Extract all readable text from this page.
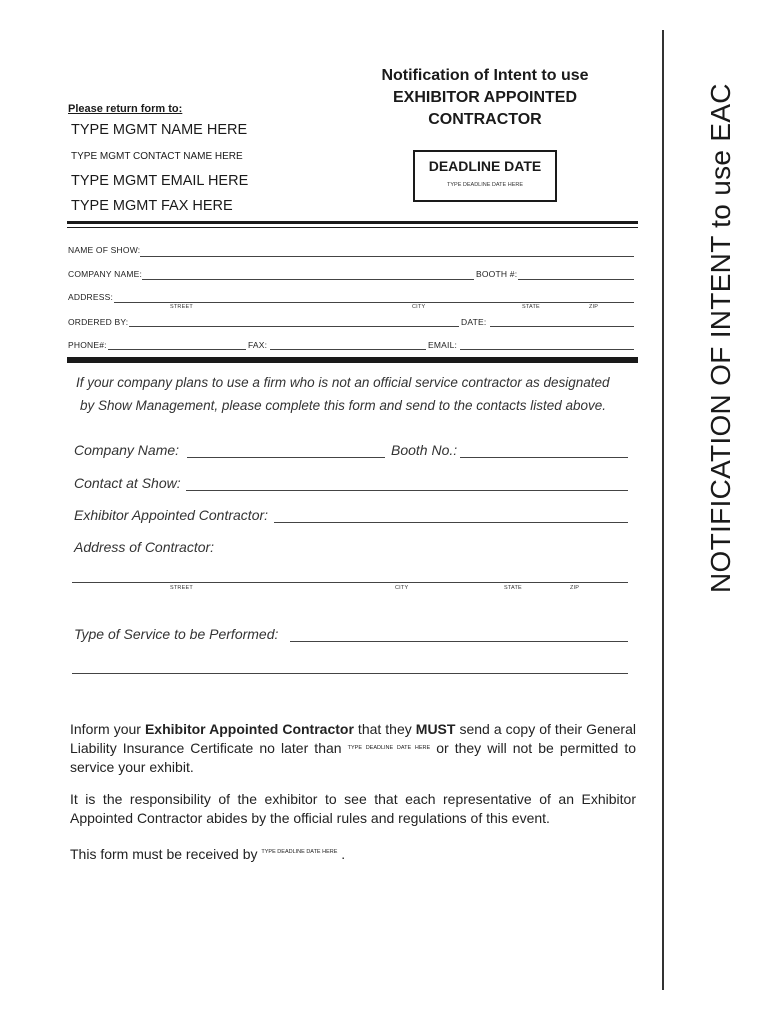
Notification of Intent to use
EXHIBITOR APPOINTED
CONTRACTOR
Please return form to:
TYPE MGMT NAME HERE
TYPE MGMT CONTACT NAME HERE
TYPE MGMT EMAIL HERE
TYPE MGMT FAX HERE
DEADLINE DATE
TYPE DEADLINE DATE HERE
NAME OF SHOW:
COMPANY NAME:	BOOTH #:
ADDRESS:
STREET	CITY	STATE	ZIP
ORDERED BY:	DATE:
PHONE#:	FAX:	EMAIL:
If your company plans to use a firm who is not an official service contractor as designated
by Show Management, please complete this form and send to the contacts listed above.
Company Name:	Booth No.:
Contact at Show:
Exhibitor Appointed Contractor:
Address of Contractor:
STREET	CITY	STATE	ZIP
Type of Service to be Performed:
Inform your Exhibitor Appointed Contractor that they MUST send a copy of their General Liability Insurance Certificate no later than $^{TYPE DEADLINE DATE HERE}$ or they will not be permitted to service your exhibit.
It is the responsibility of the exhibitor to see that each representative of an Exhibitor Appointed Contractor abides by the official rules and regulations of this event.
This form must be received by $^{TYPE DEADLINE DATE HERE}$ .
NOTIFICATION OF INTENT to use EAC
